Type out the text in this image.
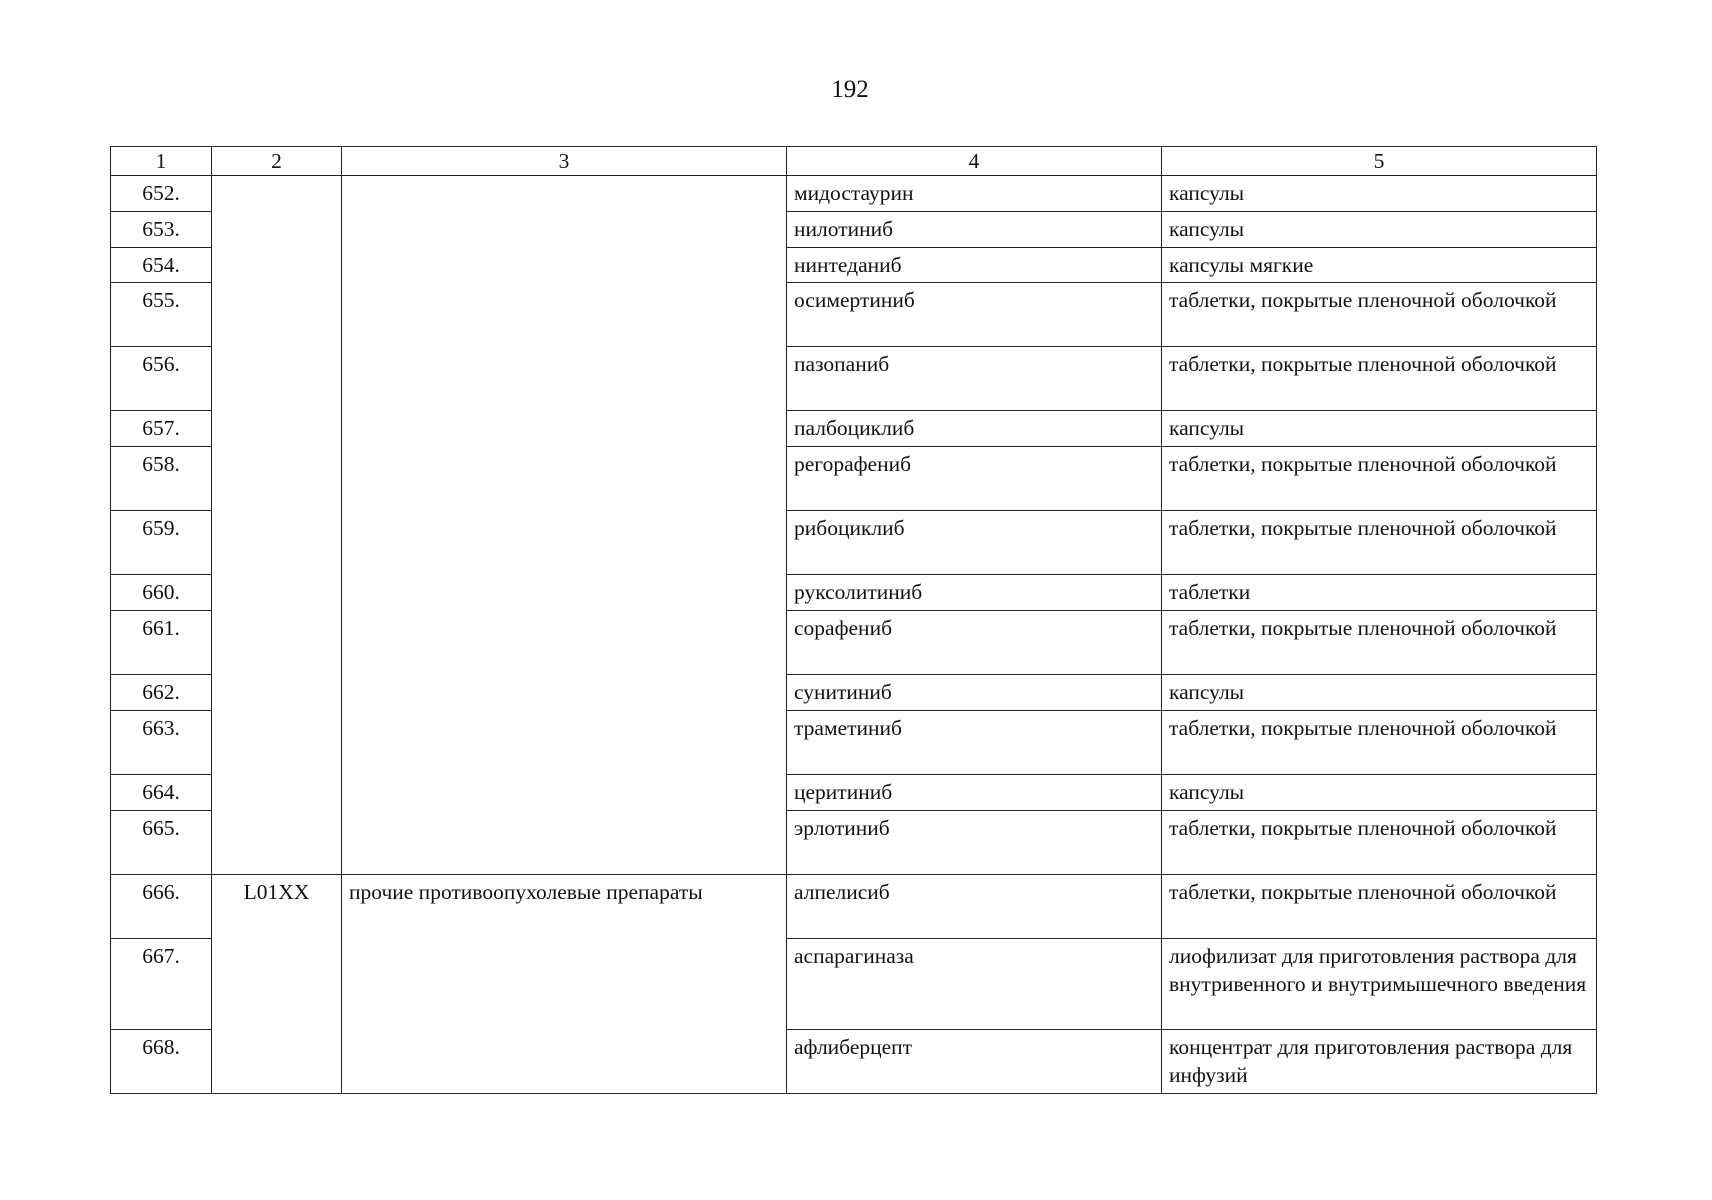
192
1	2	3	4	5
652.			мидостаурин	капсулы
653.			нилотиниб	капсулы
654.			нинтеданиб	капсулы мягкие
655.			осимертиниб	таблетки, покрытые пленочной оболочкой
656.			пазопаниб	таблетки, покрытые пленочной оболочкой
657.			палбоциклиб	капсулы
658.			регорафениб	таблетки, покрытые пленочной оболочкой
659.			рибоциклиб	таблетки, покрытые пленочной оболочкой
660.			руксолитиниб	таблетки
661.			сорафениб	таблетки, покрытые пленочной оболочкой
662.			сунитиниб	капсулы
663.			траметиниб	таблетки, покрытые пленочной оболочкой
664.			церитиниб	капсулы
665.			эрлотиниб	таблетки, покрытые пленочной оболочкой
666.	L01XX	прочие противоопухолевые препараты	алпелисиб	таблетки, покрытые пленочной оболочкой
667.			аспарагиназа	лиофилизат для приготовления раствора для внутривенного и внутримышечного введения
668.			афлиберцепт	концентрат для приготовления раствора для инфузий
